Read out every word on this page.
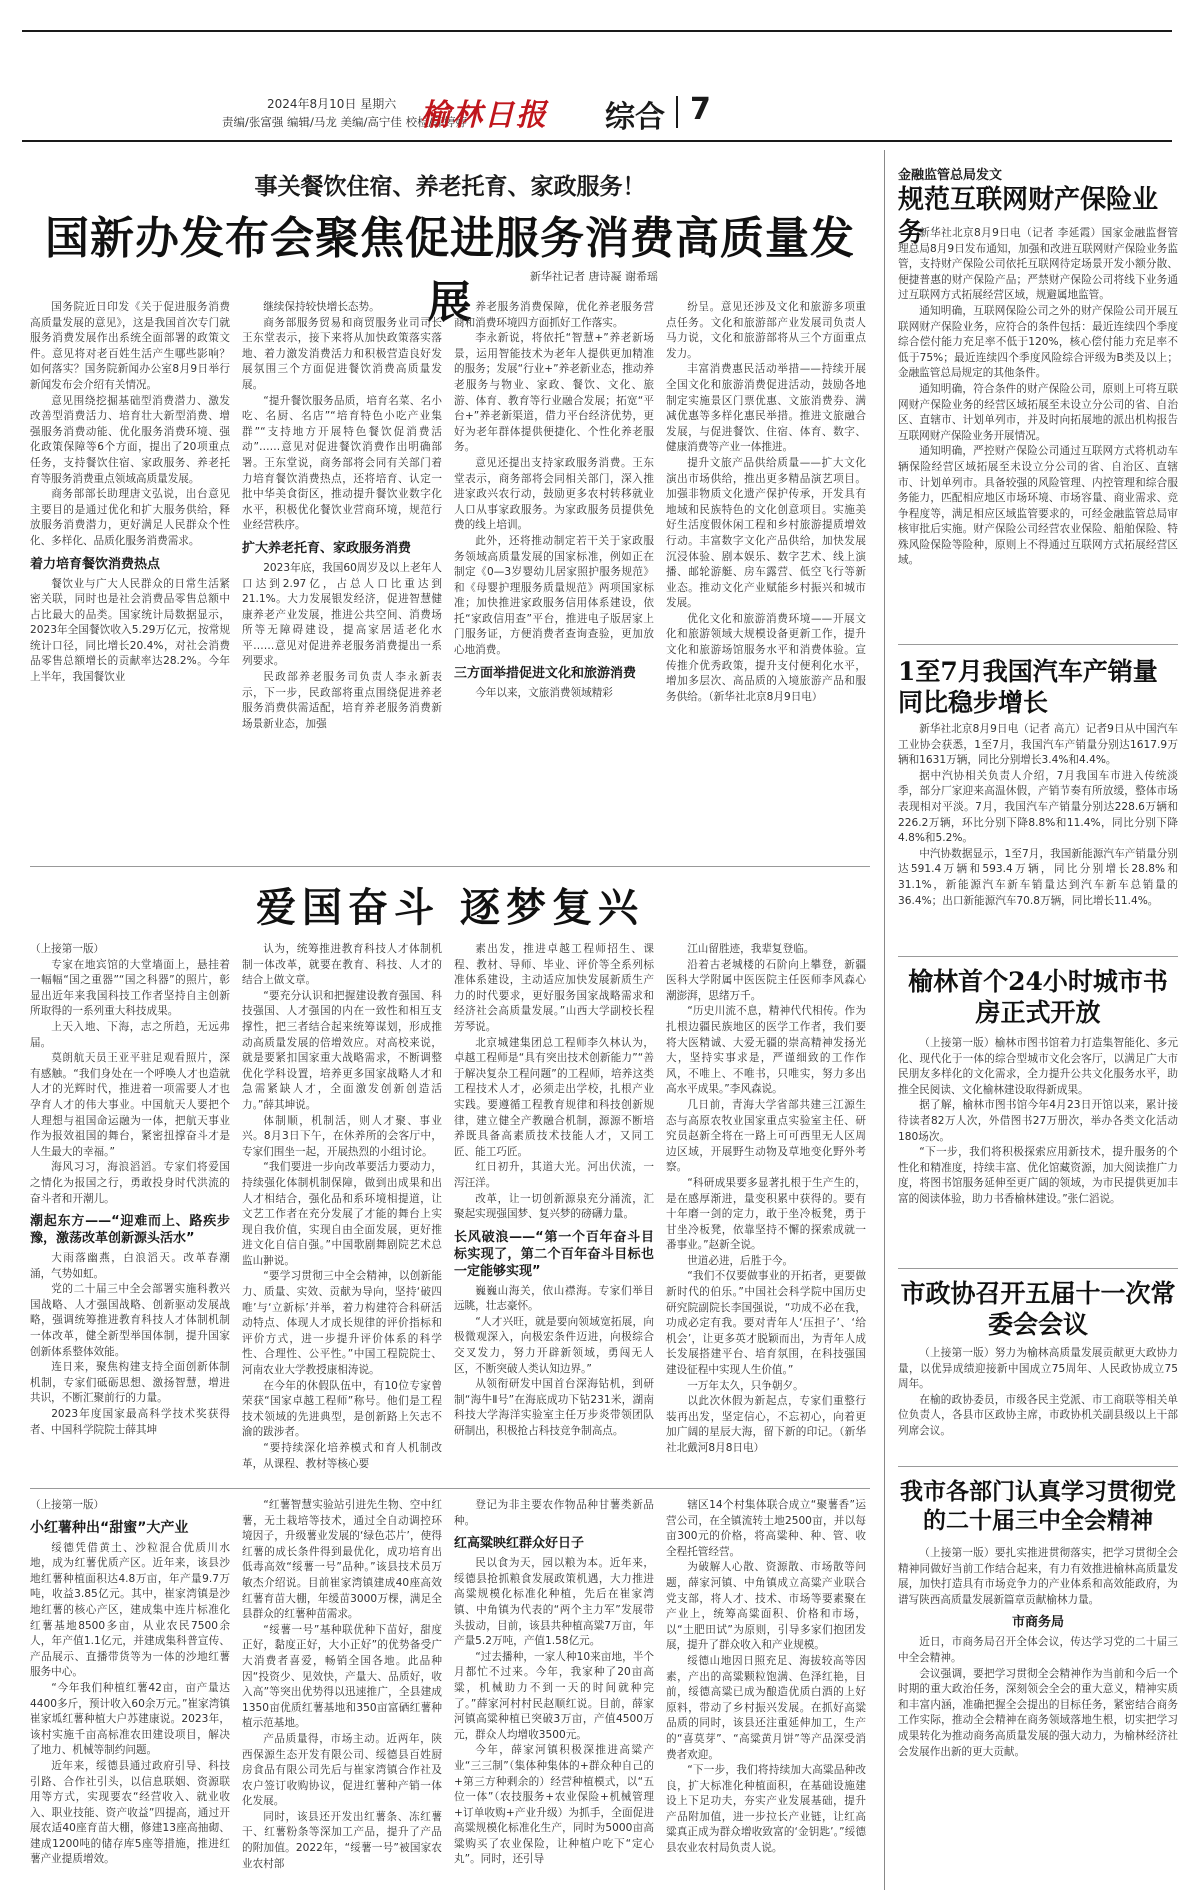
2024年8月10日 星期六
责编/张富强 编辑/马龙 美编/高宁佳 校检/郭婷婷
榆林日报 综合 7
事关餐饮住宿、养老托育、家政服务！
国新办发布会聚焦促进服务消费高质量发展
新华社记者 唐诗凝 谢希瑶

国务院近日印发《关于促进服务消费高质量发展的意见》，这是我国首次专门就服务消费发展作出系统全面部署的政策文件。意见将对老百姓生活产生哪些影响？如何落实？国务院新闻办公室8月9日举行新闻发布会介绍有关情况。

意见围绕挖掘基础型消费潜力、激发改善型消费活力、培育壮大新型消费、增强服务消费动能、优化服务消费环境、强化政策保障等6个方面，提出了20项重点任务，支持餐饮住宿、家政服务、养老托育等服务消费重点领域高质量发展。

商务部部长助理唐文弘说，出台意见主要目的是通过优化和扩大服务供给，释放服务消费潜力，更好满足人民群众个性化、多样化、品质化服务消费需求。

着力培育餐饮消费热点

餐饮业与广大人民群众的日常生活紧密关联，同时也是社会消费品零售总额中占比最大的品类。国家统计局数据显示，2023年全国餐饮收入5.29万亿元，按常规统计口径，同比增长20.4%，对社会消费品零售总额增长的贡献率达28.2%。今年上半年，我国餐饮业

继续保持较快增长态势。

商务部服务贸易和商贸服务业司司长王东堂表示，接下来将从加快政策落实落地、着力激发消费活力和积极营造良好发展氛围三个方面促进餐饮消费高质量发展。

“提升餐饮服务品质，培育名菜、名小吃、名厨、名店”“培育特色小吃产业集群”“支持地方开展特色餐饮促消费活动”……意见对促进餐饮消费作出明确部署。王东堂说，商务部将会同有关部门着力培育餐饮消费热点，还将培育、认定一批中华美食街区，推动提升餐饮业数字化水平，积极优化餐饮业营商环境，规范行业经营秩序。

扩大养老托育、家政服务消费

2023年底，我国60周岁及以上老年人口达到2.97亿，占总人口比重达到21.1%。大力发展银发经济，促进智慧健康养老产业发展，推进公共空间、消费场所等无障碍建设，提高家居适老化水平……意见对促进养老服务消费提出一系列要求。

民政部养老服务司负责人李永新表示，下一步，民政部将重点围绕促进养老服务消费供需适配，培育养老服务消费新场景新业态，加强

养老服务消费保障，优化养老服务营商和消费环境四方面抓好工作落实。

李永新说，将依托“智慧+”养老新场景，运用智能技术为老年人提供更加精准的服务；发展“行业+”养老新业态，推动养老服务与物业、家政、餐饮、文化、旅游、体育、教育等行业融合发展；拓宽“平台+”养老新渠道，借力平台经济优势，更好为老年群体提供便捷化、个性化养老服务。

意见还提出支持家政服务消费。王东堂表示，商务部将会同相关部门，深入推进家政兴农行动，鼓励更多农村转移就业人口从事家政服务。为家政服务员提供免费的线上培训。

此外，还将推动制定若干关于家政服务领域高质量发展的国家标准，例如正在制定《0—3岁婴幼儿居家照护服务规范》和《母婴护理服务质量规范》两项国家标准；加快推进家政服务信用体系建设，依托“家政信用查”平台，推进电子版居家上门服务证，方便消费者查询查验，更加放心地消费。

三方面举措促进文化和旅游消费

今年以来，文旅消费领域精彩

纷呈。意见还涉及文化和旅游多项重点任务。文化和旅游部产业发展司负责人马力说，文化和旅游部将从三个方面重点发力。

丰富消费惠民活动举措——持续开展全国文化和旅游消费促进活动，鼓励各地制定实施景区门票优惠、文旅消费券、满减优惠等多样化惠民举措。推进文旅融合发展，与促进餐饮、住宿、体育、数字、健康消费等产业一体推进。

提升文旅产品供给质量——扩大文化演出市场供给，推出更多精品演艺项目。加强非物质文化遗产保护传承，开发具有地域和民族特色的文化创意项目。实施美好生活度假休闲工程和乡村旅游提质增效行动。丰富数字文化产品供给，加快发展沉浸体验、剧本娱乐、数字艺术、线上演播、邮轮游艇、房车露营、低空飞行等新业态。推动文化产业赋能乡村振兴和城市发展。

优化文化和旅游消费环境——开展文化和旅游领域大规模设备更新工作，提升文化和旅游场馆服务水平和消费体验。宣传推介优秀政策，提升支付便利化水平，增加多层次、高品质的入境旅游产品和服务供给。（新华社北京8月9日电）

金融监管总局发文
规范互联网财产保险业务

新华社北京8月9日电（记者 李延霞）国家金融监督管理总局8月9日发布通知，加强和改进互联网财产保险业务监管，支持财产保险公司依托互联网待定场景开发小额分散、便捷普惠的财产保险产品；严禁财产保险公司将线下业务通过互联网方式拓展经营区域，规避属地监管。

通知明确，互联网保险公司之外的财产保险公司开展互联网财产保险业务，应符合的条件包括：最近连续四个季度综合偿付能力充足率不低于120%，核心偿付能力充足率不低于75%；最近连续四个季度风险综合评级为B类及以上；金融监管总局规定的其他条件。

通知明确，符合条件的财产保险公司，原则上可将互联网财产保险业务的经营区域拓展至未设立分公司的省、自治区、直辖市、计划单列市，并及时向拓展地的派出机构报告互联网财产保险业务开展情况。

通知明确，严控财产保险公司通过互联网方式将机动车辆保险经营区域拓展至未设立分公司的省、自治区、直辖市、计划单列市。具备较强的风险管理、内控管理和综合服务能力，匹配相应地区市场环境、市场容量、商业需求、竞争程度等，满足相应区域监管要求的，可经金融监管总局审核审批后实施。财产保险公司经营农业保险、船舶保险、特殊风险保险等险种，原则上不得通过互联网方式拓展经营区域。

1至7月我国汽车产销量同比稳步增长

新华社北京8月9日电（记者 高亢）记者9日从中国汽车工业协会获悉，1至7月，我国汽车产销量分别达1617.9万辆和1631万辆，同比分别增长3.4%和4.4%。

据中汽协相关负责人介绍，7月我国车市进入传统淡季，部分厂家迎来高温休假，产销节奏有所放缓，整体市场表现相对平淡。7月，我国汽车产销量分别达228.6万辆和226.2万辆，环比分别下降8.8%和11.4%，同比分别下降4.8%和5.2%。

中汽协数据显示，1至7月，我国新能源汽车产销量分别达591.4万辆和593.4万辆，同比分别增长28.8%和31.1%，新能源汽车新车销量达到汽车新车总销量的36.4%；出口新能源汽车70.8万辆，同比增长11.4%。

爱国奋斗 逐梦复兴
（上接第一版）

专家在地宾馆的大堂墙面上，悬挂着一幅幅“国之重器”“国之科器”的照片，彰显出近年来我国科技工作者坚持自主创新所取得的一系列重大科技成果。

上天入地、下海，志之所趋，无远弗届。

莫朗航天员王亚平驻足观看照片，深有感触。“我们身处在一个呼唤人才也造就人才的光辉时代，推进着一项需要人才也孕育人才的伟大事业。中国航天人要把个人理想与祖国命运融为一体，把航天事业作为报效祖国的舞台，紧密扭撑奋斗才是人生最大的幸福。”

海风习习，海浪滔滔。专家们将爱国之情化为报国之行，勇敢投身时代洪流的奋斗者和开潮儿。

潮起东方——“迎难而上、路疾步豫，激荡改革创新源头活水”

大雨落幽燕，白浪滔天。改革春潮涌，气势如虹。

党的二十届三中全会部署实施科教兴国战略、人才强国战略、创新驱动发展战略，强调统筹推进教育科技人才体制机制一体改革，健全新型举国体制，提升国家创新体系整体效能。

连日来，聚焦构建支持全面创新体制机制，专家们砥砺思想、激扬智慧，增进共识，不断汇聚前行的力量。

2023年度国家最高科学技术奖获得者、中国科学院院士薛其坤

认为，统筹推进教育科技人才体制机制一体改革，就要在教育、科技、人才的结合上做文章。

“要充分认识和把握建设教育强国、科技强国、人才强国的内在一致性和相互支撑性，把三者结合起来统筹谋划，形成推动高质量发展的倍增效应。对高校来说，就是要紧扣国家重大战略需求，不断调整优化学科设置，培养更多国家战略人才和急需紧缺人才，全面激发创新创造活力。”薛其坤说。

体制顺，机制活，则人才聚、事业兴。8月3日下午，在休养所的会客厅中，专家们围坐一起，开展热烈的小组讨论。

“我们要进一步向改革要活力要动力，持续强化体制机制保障，做到出成果和出人才相结合，强化品和系环境相提道，让文艺工作者在充分发展了才能的舞台上实现自我价值，实现自由全面发展，更好推进文化自信自强。”中国歌剧舞剧院艺术总监山翀说。

“要学习贯彻三中全会精神，以创新能力、质量、实效、贡献为导向，坚持‘破四唯’与‘立新标’并举，着力构建符合科研活动特点、体现人才成长规律的评价指标和评价方式，进一步提升评价体系的科学性、合理性、公平性。”中国工程院院士、河南农业大学教授康相涛说。

在今年的休假队伍中，有10位专家曾荣获“国家卓越工程师”称号。他们是工程技术领域的先进典型，是创新路上矢志不渝的跋涉者。

“要持续深化培养模式和育人机制改革，从课程、教材等核心要

素出发，推进卓越工程师招生、课程、教材、导师、毕业、评价等全系列标准体系建设，主动适应加快发展新质生产力的时代要求，更好服务国家战略需求和经济社会高质量发展。”山西大学副校长程芳琴说。

北京城建集团总工程师李久林认为，卓越工程师是“具有突出技术创新能力”“善于解决复杂工程问题”的工程师，培养这类工程技术人才，必须走出学校，扎根产业实践。要遵循工程教育规律和科技创新规律，建立健全产教融合机制，源源不断培养既具备高素质技术技能人才，又同工匠、能工巧匠。

红日初升，其道大光。河出伏流，一泻汪洋。

改革，让一切创新源泉充分涌流，汇聚起实现强国梦、复兴梦的磅礴力量。

长风破浪——“第一个百年奋斗目标实现了，第二个百年奋斗目标也一定能够实现”

巍巍山海关，依山襟海。专家们举目远眺，壮志豪怀。

“人才兴旺，就是要向领域宽拓展，向极微观深入，向极宏条件迈进，向极综合交叉发力，努力开辟新领域，勇闯无人区，不断突破人类认知边界。”

从领衔研发中国首台深海钻机，到研制“海牛Ⅱ号”在海底成功下钻231米，湖南科技大学海洋实验室主任万步炎带领团队研制出，积极抢占科技竞争制高点。

江山留胜迹，我辈复登临。

沿着古老城楼的石阶向上攀登，新疆医科大学附属中医医院主任医师李风森心潮澎湃，思绪万千。

“历史川流不息，精神代代相传。作为扎根边疆民族地区的医学工作者，我们要将大医精诚、大爱无疆的崇高精神发扬光大，坚持实事求是，严谨细致的工作作风，不唯上、不唯书，只唯实，努力多出高水平成果。”李风森说。

几日前，青海大学省部共建三江源生态与高原农牧业国家重点实验室主任、研究员赵新全将在一路上可可西里无人区周边区域，开展野生动物及草地变化野外考察。

“科研成果要多显著扎根于生产生的，是在感厚渐进，量变积累中获得的。要有十年磨一剑的定力，敢于坐冷板凳，勇于甘坐冷板凳，依靠坚持不懈的探索成就一番事业。”赵新全说。

世道必进，后胜于今。

“我们不仅要做事业的开拓者，更要做新时代的伯乐。”中国社会科学院中国历史研究院副院长李国强说，“功成不必在我，功成必定有我。要对青年人‘压担子’、‘给机会’，让更多英才脱颖而出，为青年人成长发展搭建平台、培育氛围，在科技强国建设征程中实现人生价值。”

一万年太久，只争朝夕。

以此次休假为新起点，专家们重整行装再出发，坚定信心，不忘初心，向着更加广阔的星辰大海，留下新的印记。（新华社北戴河8月8日电）

榆林首个24小时城市书房正式开放

（上接第一版）榆林市图书馆着力打造集智能化、多元化、现代化于一体的综合型城市文化会客厅，以满足广大市民朋友多样化的文化需求，全力提升公共文化服务水平，助推全民阅读、文化榆林建设取得新成果。

据了解，榆林市图书馆今年4月23日开馆以来，累计接待读者82万人次，外借图书27万册次，举办各类文化活动180场次。

“下一步，我们将积极探索应用新技术，提升服务的个性化和精准度，持续丰富、优化馆藏资源，加大阅读推广力度，将图书馆服务延伸至更广阔的领域，为市民提供更加丰富的阅读体验，助力书香榆林建设。”张仁滔说。

市政协召开五届十一次常委会会议

（上接第一版）努力为榆林高质量发展贡献更大政协力量，以优异成绩迎接新中国成立75周年、人民政协成立75周年。

在榆的政协委员，市级各民主党派、市工商联等相关单位负责人，各县市区政协主席，市政协机关副县级以上干部列席会议。

（上接第一版）
小红薯种出“甜蜜”大产业

绥德凭借黄土、沙粒混合优质川水地，成为红薯优质产区。近年来，该县沙地红薯种植面积达4.8万亩，年产量9.7万吨，收益3.85亿元。其中，崔家湾镇是沙地红薯的核心产区，建成集中连片标准化红薯基地8500多亩，从业农民7500余人，年产值1.1亿元，并建成集科普宣传、产品展示、直播带货等为一体的沙地红薯服务中心。

“今年我们种植红薯42亩，亩产量达4400多斤，预计收入60余万元。”崔家湾镇崔家坬红薯种植大户苏建康说。2023年，该村实施千亩高标准农田建设项目，解决了地力、机械等制约问题。

近年来，绥德县通过政府引导、科技引路、合作社引头，以信息联姻、资源联用等方式，实现要农“经营收入、就业收入、职业技能、资产收益”四提高，通过开展农适40座育苗大棚，修建13座高抽砌、建成1200吨的储存库5座等措施，推进红薯产业提质增效。

“红薯智慧实验站引进先生物、空中红薯，无土栽培等技术，通过全自动调控环境因子，升级薯业发展的‘绿色芯片’，使得红薯的成长条件得到最优化，成功培育出低毒高效“绥薯一号”品种。”该县技术员万敏杰介绍说。目前崔家湾镇建成40座高效红薯育苗大棚，年缓苗3000万棵，满足全县群众的红薯种苗需求。

“绥薯一号”基种联优种下苗好，甜度正好，黏度正好，大小正好”的优势备受广大消费者喜爱，畅销全国各地。此品种因“投资少、见效快，产量大、品质好，收入高”等突出优势得以迅速推广，全县建成1350亩优质红薯基地和350亩富硒红薯种植示范基地。

产品质量得，市场主动。近两年，陕西保源生态开发有限公司、绥德县百姓厨房食品有限公司先后与崔家湾镇合作社及农户签订收购协议，促进红薯种产销一体化发展。

同时，该县还开发出红薯条、冻红薯干、红薯粉条等深加工产品，提升了产品的附加值。2022年，“绥薯一号”被国家农业农村部

登记为非主要农作物品种甘薯类新品种。

红高粱映红群众好日子

民以食为天，园以粮为本。近年来，绥德县抢抓粮食发展政策机遇，大力推进高粱规模化标准化种植，先后在崔家湾镇、中角镇为代表的“两个主力军”发展带头拔动，目前，该县共种植高粱7万亩，年产量5.2万吨，产值1.58亿元。

“过去播种，一家人种10来亩地，半个月都忙不过来。今年，我家种了20亩高粱，机械助力不到一天的时间就种完了。”薛家河村村民赵顺红说。目前，薛家河镇高粱种植已突破3万亩，产值4500万元，群众人均增收3500元。

今年，薛家河镇积极深推进高粱产业“三三制”（集体种集体的+群众种自己的+第三方种剩余的）经营种植模式，以“五位一体”（农技服务+农业保险+机械管理+订单收购+产业升级）为抓手，全面促进高粱规模化标准化生产，同时为5000亩高粱购买了农业保险，让种植户吃下“定心丸”。同时，还引导

辖区14个村集体联合成立“聚薯香”运营公司，在全镇流转土地2500亩，并以每亩300元的价格，将高粱种、种、管、收全程托管经营。

为破解人心散、资源散、市场散等问题，薛家河镇、中角镇成立高粱产业联合党支部，将人才、技术、市场等要素聚在产业上，统筹高粱面积、价格和市场，以“土肥田试”为原则，引导多家们抱团发展，提升了群众收入和产业规模。

绥德山地因日照充足、海拔较高等因素，产出的高粱颗粒饱满、色泽红艳，目前，绥德高粱已成为酿造优质白酒的上好原料，带动了乡村振兴发展。在抓好高粱品质的同时，该县还注重延伸加工，生产的“喜莫芽”、“高粱黄月饼”等产品深受消费者欢迎。

“下一步，我们将持续加大高粱品种改良，扩大标准化种植面积，在基础设施建设上下足功夫，夯实产业发展基础，提升产品附加值，进一步拉长产业链，让红高粱真正成为群众增收致富的‘金钥匙’。”绥德县农业农村局负责人说。

我市各部门认真学习贯彻党的二十届三中全会精神

（上接第一版）要扎实推进贯彻落实，把学习贯彻全会精神同做好当前工作结合起来，有力有效推进榆林高质量发展，加快打造具有市场竞争力的产业体系和高效能政府，为谱写陕西高质量发展新篇章贡献榆林力量。

市商务局

近日，市商务局召开全体会议，传达学习党的二十届三中全会精神。

会议强调，要把学习贯彻全会精神作为当前和今后一个时期的重大政治任务，深刻领会全会的重大意义，精神实质和丰富内涵，准确把握全会提出的目标任务，紧密结合商务工作实际，推动全会精神在商务领域落地生根，切实把学习成果转化为推动商务高质量发展的强大动力，为榆林经济社会发展作出新的更大贡献。
